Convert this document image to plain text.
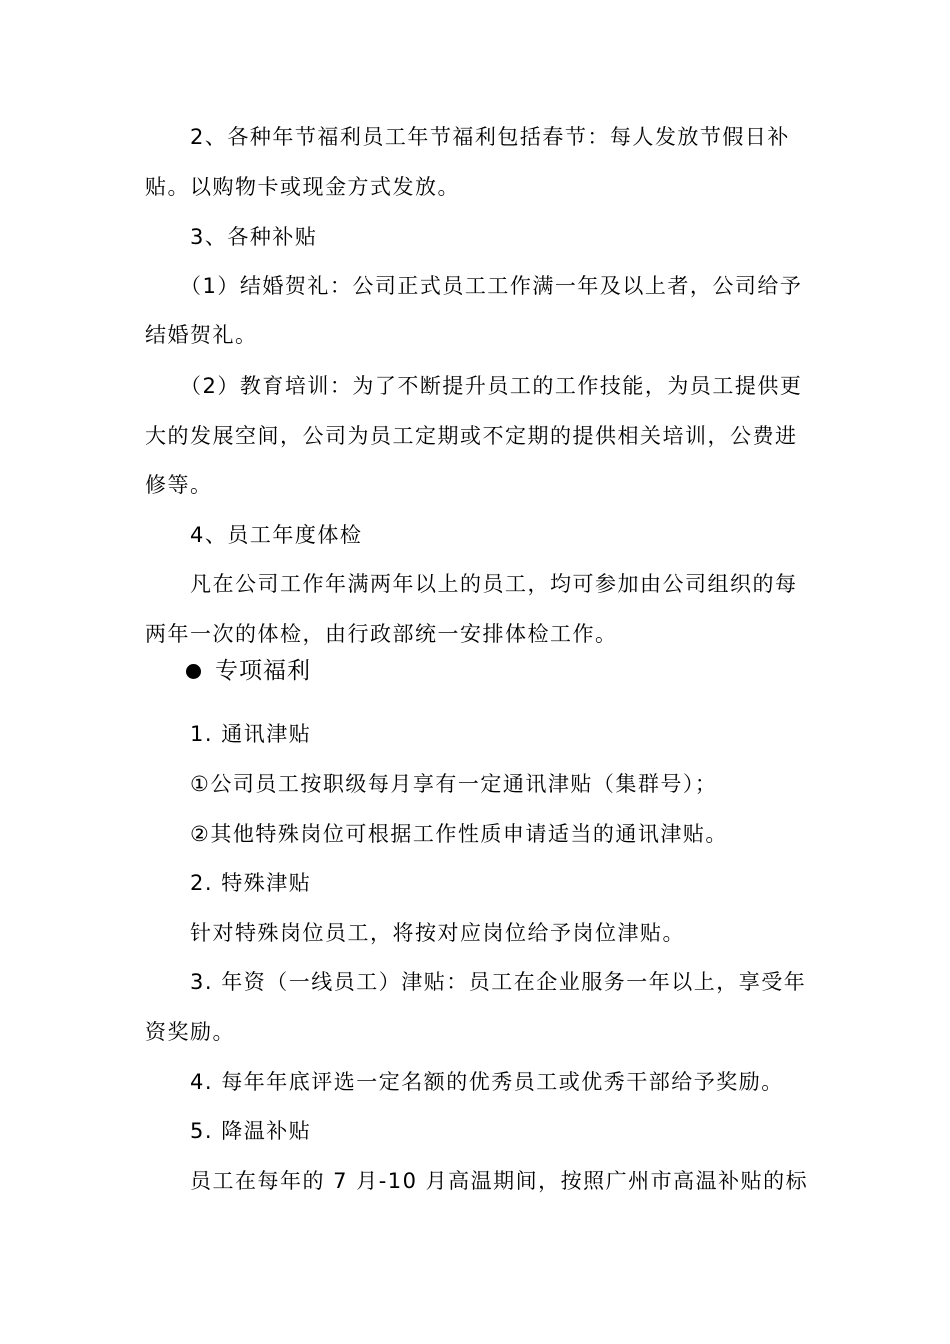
2、各种年节福利员工年节福利包括春节：每人发放节假日补

贴。以购物卡或现金方式发放。

3、各种补贴

（1）结婚贺礼：公司正式员工工作满一年及以上者，公司给予

结婚贺礼。

（2）教育培训：为了不断提升员工的工作技能，为员工提供更

大的发展空间，公司为员工定期或不定期的提供相关培训，公费进

修等。

4、员工年度体检

凡在公司工作年满两年以上的员工，均可参加由公司组织的每

两年一次的体检，由行政部统一安排体检工作。

专项福利

1. 通讯津贴

①公司员工按职级每月享有一定通讯津贴（集群号）；

②其他特殊岗位可根据工作性质申请适当的通讯津贴。

2. 特殊津贴

针对特殊岗位员工，将按对应岗位给予岗位津贴。

3. 年资（一线员工）津贴：员工在企业服务一年以上，享受年

资奖励。

4. 每年年底评选一定名额的优秀员工或优秀干部给予奖励。

5. 降温补贴

员工在每年的 7 月-10 月高温期间，按照广州市高温补贴的标
